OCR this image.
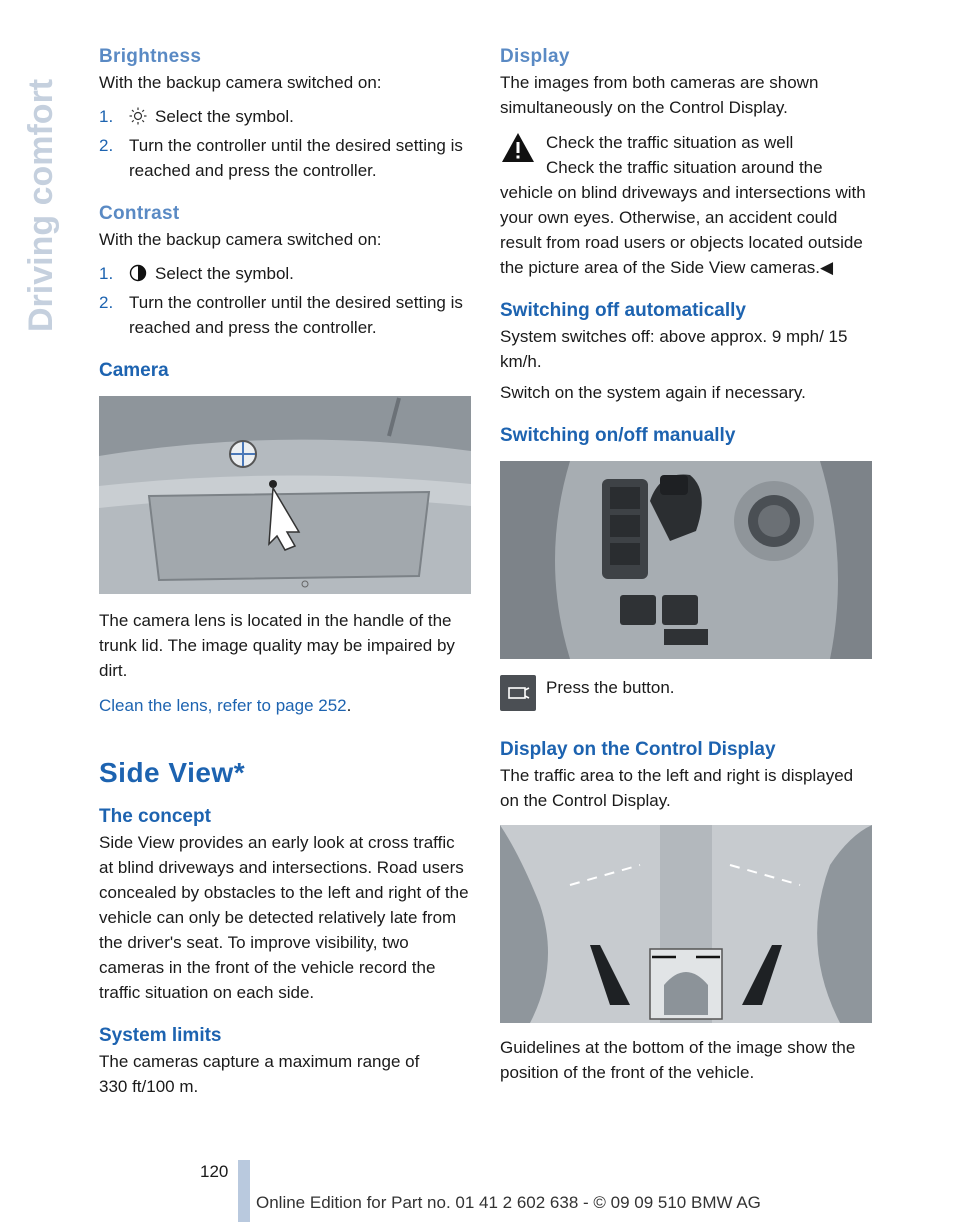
Driving comfort
Brightness

With the backup camera switched on:

1. Select the symbol.
2. Turn the controller until the desired setting is reached and press the controller.
Contrast

With the backup camera switched on:

1. Select the symbol.
2. Turn the controller until the desired setting is reached and press the controller.
Camera

The camera lens is located in the handle of the trunk lid. The image quality may be impaired by dirt.

Clean the lens, refer to page 252.

Side View*
The concept

Side View provides an early look at cross traffic at blind driveways and intersections. Road users concealed by obstacles to the left and right of the vehicle can only be detected relatively late from the driver's seat. To improve visibility, two cameras in the front of the vehicle record the traffic situation on each side.

System limits

The cameras capture a maximum range of 330 ft/100 m.

Display

The images from both cameras are shown simultaneously on the Control Display.

Check the traffic situation as well

Check the traffic situation around the vehicle on blind driveways and intersections with your own eyes. Otherwise, an accident could result from road users or objects located outside the picture area of the Side View cameras.◀

Switching off automatically

System switches off: above approx. 9 mph/ 15 km/h.

Switch on the system again if necessary.

Switching on/off manually

Press the button.

Display on the Control Display

The traffic area to the left and right is displayed on the Control Display.

Guidelines at the bottom of the image show the position of the front of the vehicle.

120
Online Edition for Part no. 01 41 2 602 638 - © 09 09 510 BMW AG
